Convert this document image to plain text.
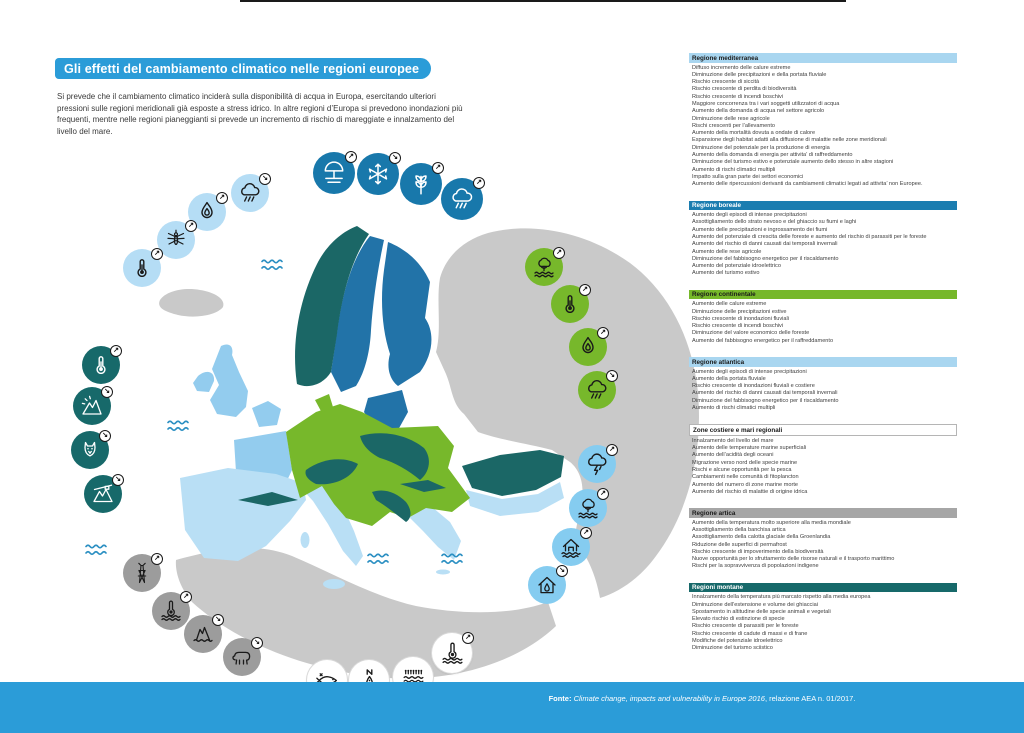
Gli effetti del cambiamento climatico nelle regioni europee
Si prevede che il cambiamento climatico inciderà sulla disponibilità di acqua in Europa, esercitando ulteriori pressioni sulle regioni meridionali già esposte a stress idrico. In altre regioni d’Europa si prevedono inondazioni più frequenti, mentre nelle regioni pianeggianti si prevede un incremento di rischio di mareggiate e innalzamento del livello del mare.
↗	↘
↗
↗
↘
↗
↗
↗
↗
↘
↘
↘
↗
↗
↘
↘
↗
↗
↗
↗
↘
↗
↗
↗
↘
Regione mediterranea
Diffuso incremento delle calure estreme
Diminuzione delle precipitazioni e della portata fluviale
Rischio crescente di siccità
Rischio crescente di perdita di biodiversità
Rischio crescente di incendi boschivi
Maggiore concorrenza tra i vari soggetti utilizzatori di acqua
Aumento della domanda di acqua nel settore agricolo
Diminuzione delle rese agricole
Rischi crescenti per l’allevamento
Aumento della mortalità dovuta a ondate di calore
Espansione degli habitat adatti alla diffusione di malattie nelle zone meridionali
Diminuzione del potenziale per la produzione di energia
Aumento della domanda di energia per attivita’ di raffreddamento
Diminuzione del turismo estivo e potenziale aumento dello stesso in altre stagioni
Aumento di rischi climatici multipli
Impatto sulla gran parte dei settori economici
Aumento delle ripercussioni derivanti da cambiamenti climatici legati ad attivita’ non Europee.
Regione boreale
Aumento degli episodi di intense precipitazioni
Assottigliamento dello strato nevoso e del ghiaccio su fiumi e laghi
Aumento delle precipitazioni e ingrossamento dei fiumi
Aumento del potenziale di crescita delle foreste e aumento del rischio di parassiti per le foreste
Aumento del rischio di danni causati dai temporali invernali
Aumento delle rese agricole
Diminuzione del fabbisogno energetico per il riscaldamento
Aumento del potenziale idroelettrico
Aumento del turismo estivo
Regione continentale
Aumento delle calure estreme
Diminuzione delle precipitazioni estive
Rischio crescente di inondazioni fluviali
Rischio crescente di incendi boschivi
Diminuzione del valore economico delle foreste
Aumento del fabbisogno energetico per il raffreddamento
Regione atlantica
Aumento degli episodi di intense precipitazioni
Aumento della portata fluviale
Rischio crescente di inondazioni fluviali e costiere
Aumento del rischio di danni causati dai temporali invernali
Diminuzione del fabbisogno energetico per il riscaldamento
Aumento di rischi climatici multipli
Zone costiere e mari regionali
Innalzamento del livello del mare
Aumento delle temperature marine superficiali
Aumento dell’acidità degli oceani
Migrazione verso nord delle specie marine
Rischi e alcune opportunità per la pesca
Cambiamenti nelle comunità di fitoplancton
Aumento del numero di zone marine morte
Aumento del rischio di malattie di origine idrica
Regione artica
Aumento della temperatura molto superiore alla media mondiale
Assottigliamento della banchisa artica
Assottigliamento della calotta glaciale della Groenlandia
Riduzione delle superfici di permafrost
Rischio crescente di impoverimento della biodiversità
Nuove opportunità per lo sfruttamento delle risorse naturali e il trasporto marittimo
Rischi per la sopravvivenza di popolazioni indigene
Regioni montane
Innalzamento della temperatura più marcato rispetto alla media europea
Diminuzione dell’estensione e volume dei ghiacciai
Spostamento in altitudine delle specie animali e vegetali
Elevato rischio di estinzione di specie
Rischio crescente di parassiti per le foreste
Rischio crescente di cadute di massi e di frane
Modifiche del potenziale idroelettrico
Diminuzione del turismo sciistico
Fonte: Climate change, impacts and vulnerability in Europe 2016, relazione AEA n. 01/2017.
